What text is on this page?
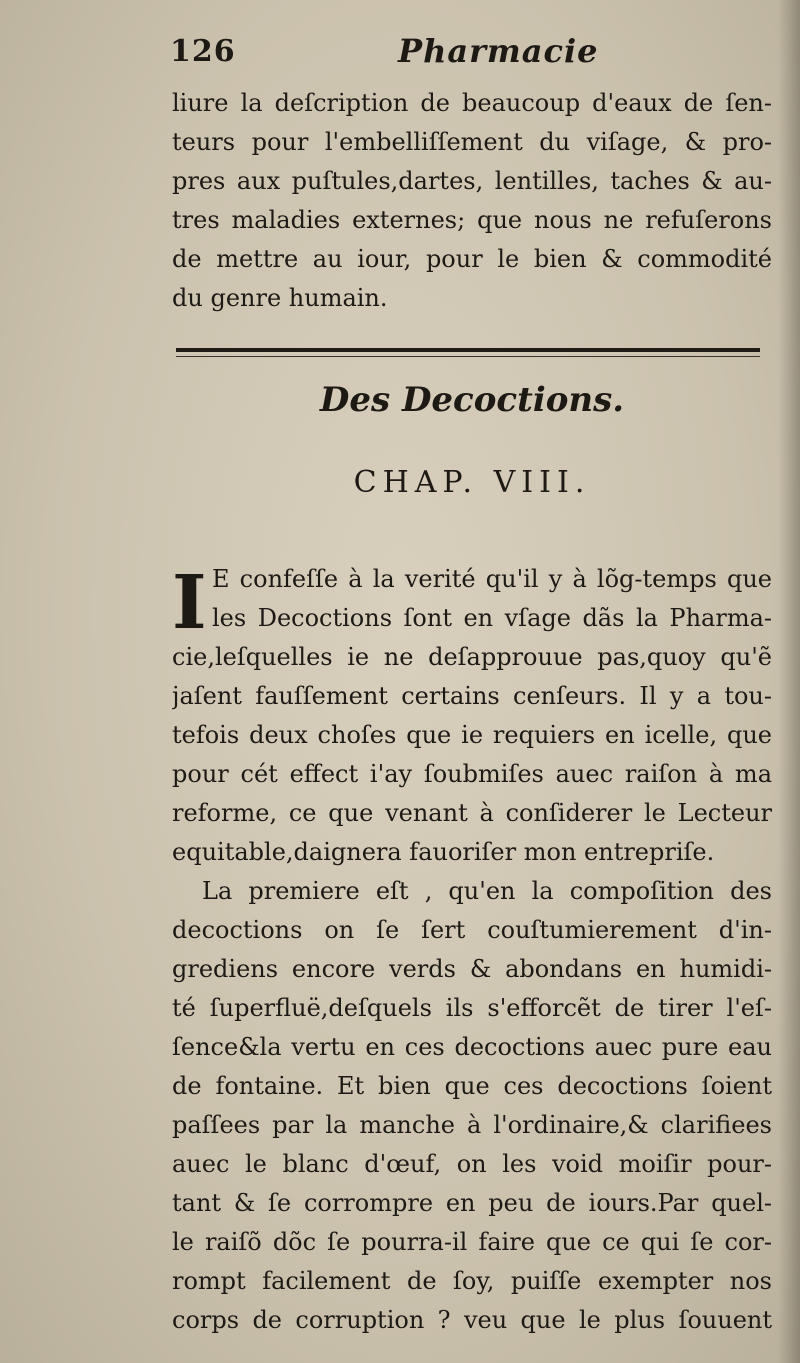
126	Pharmacie
liure la deſcription de beaucoup d'eaux de ſen-
teurs pour l'embelliſſement du viſage, & pro-
pres aux puſtules,dartes, lentilles, taches & au-
tres maladies externes; que nous ne refuſerons
de mettre au iour, pour le bien & commodité
du genre humain.
Des Decoctions.
CHAP. VIII.
I E confeſſe à la verité qu'il y à lõg-temps que
les Decoctions ſont en vſage dãs la Pharma-
cie,leſquelles ie ne deſapprouue pas,quoy qu'ẽ
jaſent fauſſement certains cenſeurs. Il y a tou-
tefois deux choſes que ie requiers en icelle, que
pour cét effect i'ay ſoubmiſes auec raiſon à ma
reforme, ce que venant à conſiderer le Lecteur
equitable,daignera fauoriſer mon entrepriſe.
La premiere eſt , qu'en la compoſition des
decoctions on ſe ſert couſtumierement d'in-
grediens encore verds & abondans en humidi-
té ſuperfluë,deſquels ils s'efforcẽt de tirer l'eſ-
ſence&la vertu en ces decoctions auec pure eau
de fontaine. Et bien que ces decoctions ſoient
paſſees par la manche à l'ordinaire,& clarifiees
auec le blanc d'œuf, on les void moiſir pour-
tant & ſe corrompre en peu de iours.Par quel-
le raiſõ dõc ſe pourra-il faire que ce qui ſe cor-
rompt facilement de ſoy, puiſſe exempter nos
corps de corruption ? veu que le plus ſouuent
